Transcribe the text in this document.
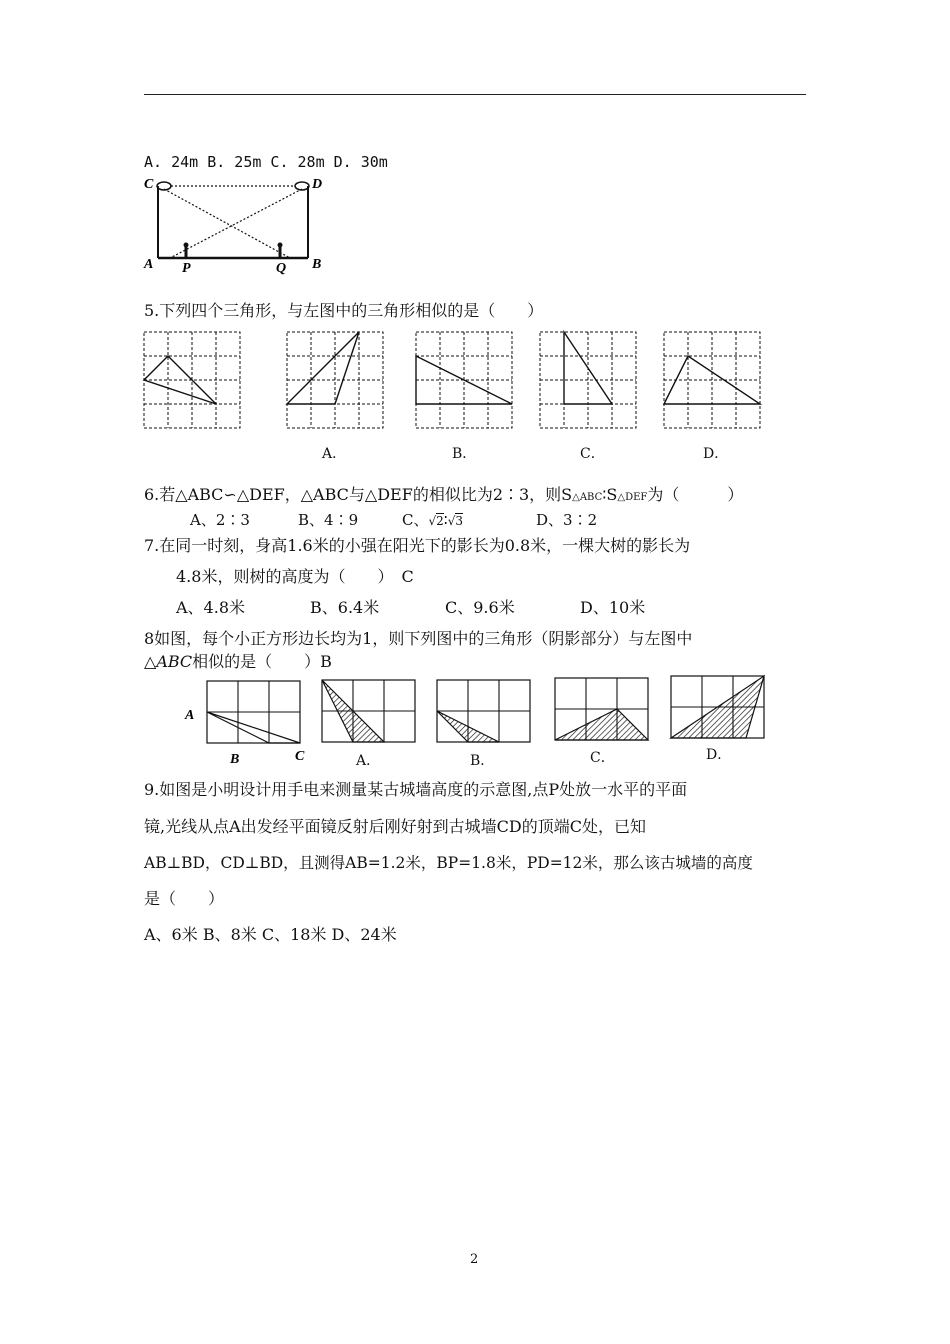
A. 24m B. 25m C. 28m D. 30m
C	D
A	B
P	Q
5.下列四个三角形，与左图中的三角形相似的是（　　）
A．	B．	C．	D．
6.若△ABC∽△DEF，△ABC与△DEF的相似比为2∶3，则S△ABC∶S△DEF为（　　　）
A、2∶3	B、4∶9	C、√2∶√3	D、3∶2
7.在同一时刻，身高1.6米的小强在阳光下的影长为0.8米，一棵大树的影长为
4.8米，则树的高度为（　　）　C
A、4.8米	B、6.4米	C、9.6米	D、10米
8如图，每个小正方形边长均为1，则下列图中的三角形（阴影部分）与左图中
△ABC相似的是（　　）B
A
B	C	A．	B．	C．	D．
9.如图是小明设计用手电来测量某古城墙高度的示意图,点P处放一水平的平面
镜,光线从点A出发经平面镜反射后刚好射到古城墙CD的顶端C处，已知
AB⊥BD，CD⊥BD，且测得AB=1.2米，BP=1.8米，PD=12米，那么该古城墙的高度
是（　　）
A、6米 B、8米 C、18米 D、24米
2
